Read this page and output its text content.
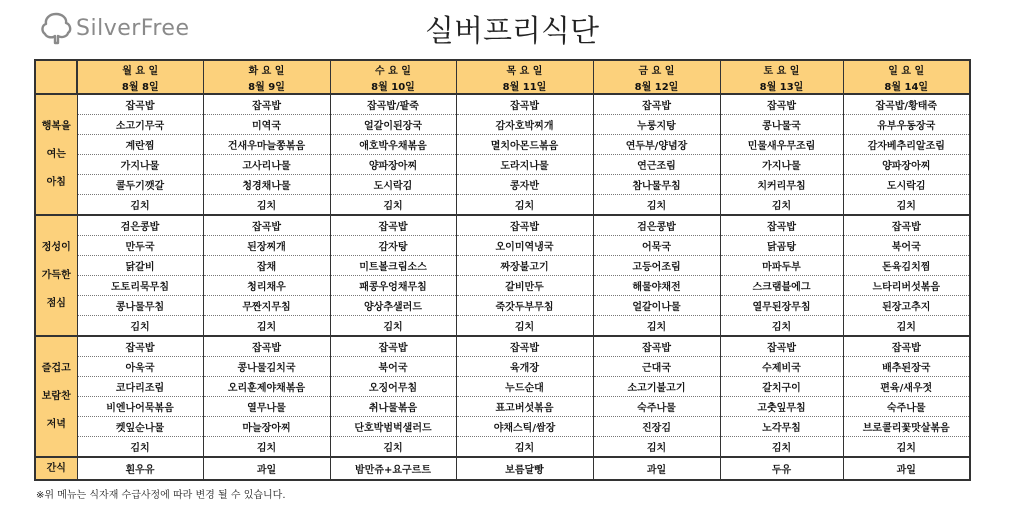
SilverFree	실버프리식단
	월 요 일	화 요 일	수 요 일	목 요 일	금 요 일	토 요 일	일 요 일
	8월 8일	8월 9일	8월 10일	8월 11일	8월 12일	8월 13일	8월 14일

행복을
여는
아침	잡곡밥	잡곡밥	잡곡밥/팥죽	잡곡밥	잡곡밥	잡곡밥	잡곡밥/황태죽
	소고기무국	미역국	얼갈이된장국	감자호박찌개	누룽지탕	콩나물국	유부우동장국
	계란찜	건새우마늘쫑볶음	애호박우채볶음	멸치아몬드볶음	연두부/양념장	민물새우무조림	감자베추리알조림
	가지나물	고사리나물	양파장아찌	도라지나물	연근조림	가지나물	양파장아찌
	콜두기깻갈	청경채나물	도시락김	콩자반	참나물무침	치커리무침	도시락김
	김치	김치	김치	김치	김치	김치	김치

정성이
가득한
점심	검은콩밥	잡곡밥	잡곡밥	잡곡밥	검은콩밥	잡곡밥	잡곡밥
	만두국	된장찌개	감자탕	오이미역냉국	어묵국	닭곰탕	북어국
	닭갈비	잡채	미트볼크림소스	짜장불고기	고등어조림	마파두부	돈육김치찜
	도토리묵무침	청리채우	패콩우엉채무침	갈비만두	해물야채전	스크램블에그	느타리버섯볶음
	콩나물무침	무짠지무침	양상추샐러드	죽갓두부무침	얼갈이나물	열무된장무침	된장고추지
	김치	김치	김치	김치	김치	김치	김치

즐겁고
보람찬
저녁	잡곡밥	잡곡밥	잡곡밥	잡곡밥	잡곡밥	잡곡밥	잡곡밥
	아욱국	콩나물김치국	북어국	육개장	근대국	수제비국	배추된장국
	코다리조림	오리훈제야채볶음	오징어무침	누드순대	소고기불고기	갈치구이	편육/새우젓
	비엔나어묵볶음	열무나물	취나물볶음	표고버섯볶음	숙주나물	고춧잎무침	숙주나물
	켓잎순나물	마늘장아찌	단호박범벅샐러드	야채스틱/쌈장	진장김	노각무침	브로콜리꽃맛살볶음
	김치	김치	김치	김치	김치	김치	김치
간식	흰우유	과일	밤만쥬+요구르트	보름달빵	과일	두유	과일
※위 메뉴는 식자재 수급사정에 따라 변경 될 수 있습니다.
